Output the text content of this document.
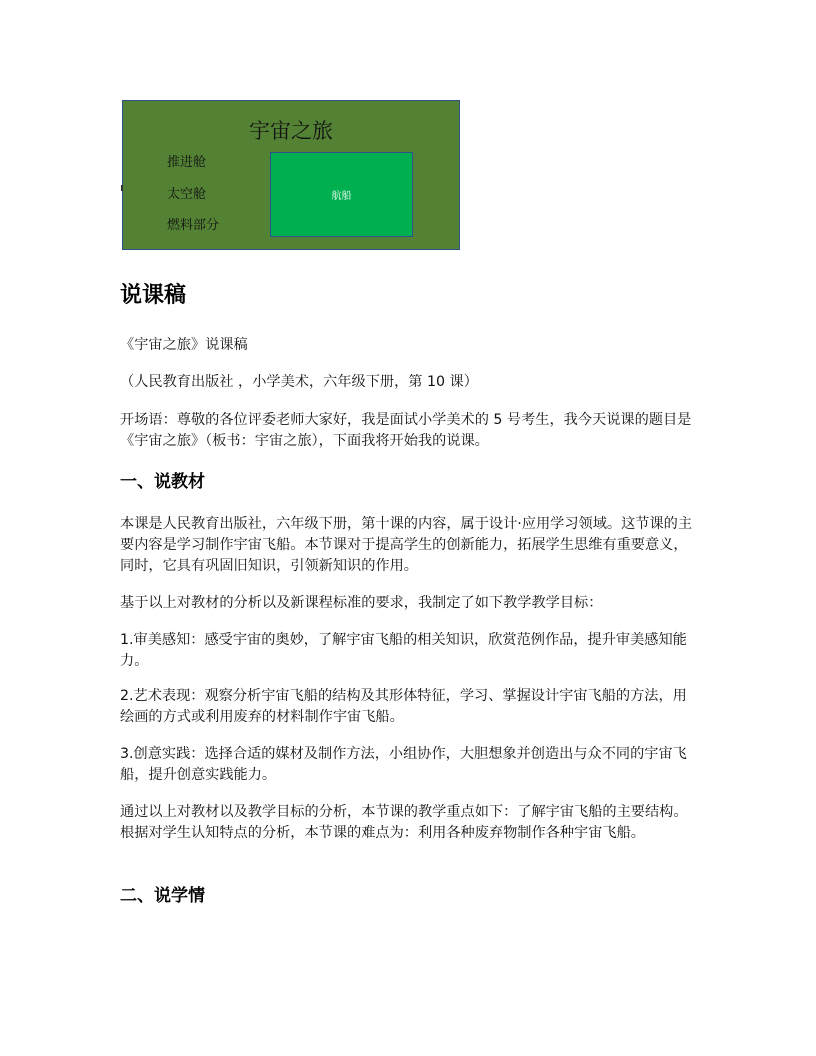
宇宙之旅
推进舱
太空舱
燃料部分
航船
说课稿
《宇宙之旅》说课稿
（人民教育出版社 ，小学美术，六年级下册，第 10 课）
开场语：尊敬的各位评委老师大家好，我是面试小学美术的 5 号考生，我今天说课的题目是《宇宙之旅》（板书：宇宙之旅），下面我将开始我的说课。
一、说教材
本课是人民教育出版社，六年级下册，第十课的内容，属于设计·应用学习领域。这节课的主要内容是学习制作宇宙飞船。本节课对于提高学生的创新能力，拓展学生思维有重要意义，同时，它具有巩固旧知识，引领新知识的作用。
基于以上对教材的分析以及新课程标准的要求，我制定了如下教学教学目标：
1.审美感知：感受宇宙的奥妙，了解宇宙飞船的相关知识，欣赏范例作品，提升审美感知能力。
2.艺术表现：观察分析宇宙飞船的结构及其形体特征，学习、掌握设计宇宙飞船的方法，用绘画的方式或利用废弃的材料制作宇宙飞船。
3.创意实践：选择合适的媒材及制作方法，小组协作，大胆想象并创造出与众不同的宇宙飞船，提升创意实践能力。
通过以上对教材以及教学目标的分析，本节课的教学重点如下：了解宇宙飞船的主要结构。根据对学生认知特点的分析，本节课的难点为：利用各种废弃物制作各种宇宙飞船。
二、说学情
